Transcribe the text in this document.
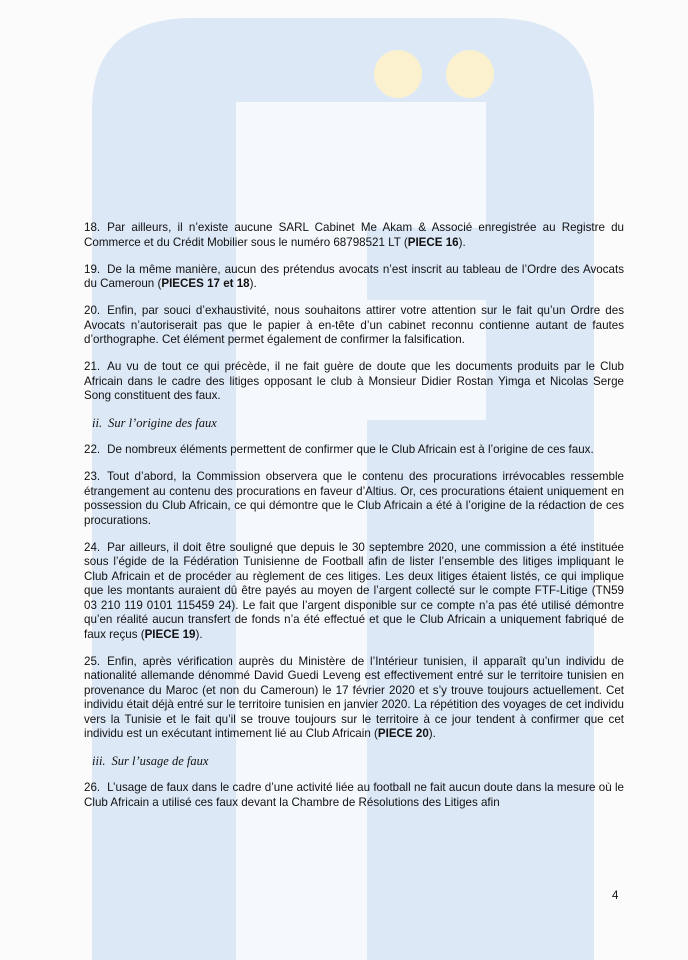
18. Par ailleurs, il n’existe aucune SARL Cabinet Me Akam & Associé enregistrée au Registre du Commerce et du Crédit Mobilier sous le numéro 68798521 LT (PIECE 16).

19. De la même manière, aucun des prétendus avocats n’est inscrit au tableau de l’Ordre des Avocats du Cameroun (PIECES 17 et 18).

20. Enfin, par souci d’exhaustivité, nous souhaitons attirer votre attention sur le fait qu’un Ordre des Avocats n’autoriserait pas que le papier à en-tête d’un cabinet reconnu contienne autant de fautes d’orthographe. Cet élément permet également de confirmer la falsification.

21. Au vu de tout ce qui précède, il ne fait guère de doute que les documents produits par le Club Africain dans le cadre des litiges opposant le club à Monsieur Didier Rostan Yimga et Nicolas Serge Song constituent des faux.

ii. Sur l’origine des faux

22. De nombreux éléments permettent de confirmer que le Club Africain est à l’origine de ces faux.

23. Tout d’abord, la Commission observera que le contenu des procurations irrévocables ressemble étrangement au contenu des procurations en faveur d’Altius. Or, ces procurations étaient uniquement en possession du Club Africain, ce qui démontre que le Club Africain a été à l’origine de la rédaction de ces procurations.

24. Par ailleurs, il doit être souligné que depuis le 30 septembre 2020, une commission a été instituée sous l’égide de la Fédération Tunisienne de Football afin de lister l’ensemble des litiges impliquant le Club Africain et de procéder au règlement de ces litiges. Les deux litiges étaient listés, ce qui implique que les montants auraient dû être payés au moyen de l’argent collecté sur le compte FTF-Litige (TN59 03 210 119 0101 115459 24). Le fait que l’argent disponible sur ce compte n’a pas été utilisé démontre qu’en réalité aucun transfert de fonds n’a été effectué et que le Club Africain a uniquement fabriqué de faux reçus (PIECE 19).

25. Enfin, après vérification auprès du Ministère de l’Intérieur tunisien, il apparaît qu’un individu de nationalité allemande dénommé David Guedi Leveng est effectivement entré sur le territoire tunisien en provenance du Maroc (et non du Cameroun) le 17 février 2020 et s’y trouve toujours actuellement. Cet individu était déjà entré sur le territoire tunisien en janvier 2020. La répétition des voyages de cet individu vers la Tunisie et le fait qu’il se trouve toujours sur le territoire à ce jour tendent à confirmer que cet individu est un exécutant intimement lié au Club Africain (PIECE 20).

iii. Sur l’usage de faux

26. L’usage de faux dans le cadre d’une activité liée au football ne fait aucun doute dans la mesure où le Club Africain a utilisé ces faux devant la Chambre de Résolutions des Litiges afin

4
